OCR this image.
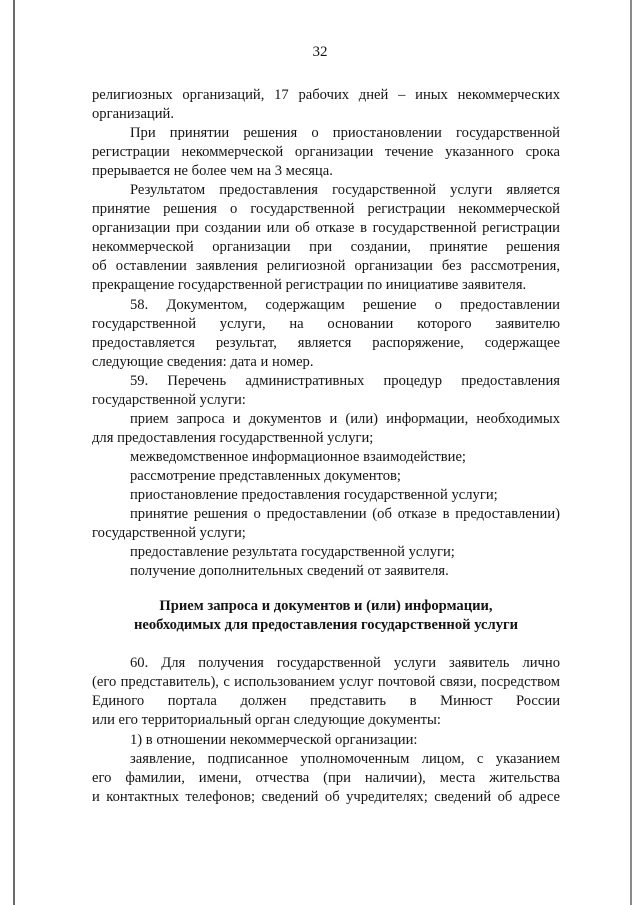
32
религиозных организаций, 17 рабочих дней – иных некоммерческих
организаций.
При принятии решения о приостановлении государственной
регистрации некоммерческой организации течение указанного срока
прерывается не более чем на 3 месяца.
Результатом предоставления государственной услуги является
принятие решения о государственной регистрации некоммерческой
организации при создании или об отказе в государственной регистрации
некоммерческой организации при создании, принятие решения
об оставлении заявления религиозной организации без рассмотрения,
прекращение государственной регистрации по инициативе заявителя.
58. Документом, содержащим решение о предоставлении
государственной услуги, на основании которого заявителю
предоставляется результат, является распоряжение, содержащее
следующие сведения: дата и номер.
59. Перечень административных процедур предоставления
государственной услуги:
прием запроса и документов и (или) информации, необходимых
для предоставления государственной услуги;
межведомственное информационное взаимодействие;
рассмотрение представленных документов;
приостановление предоставления государственной услуги;
принятие решения о предоставлении (об отказе в предоставлении)
государственной услуги;
предоставление результата государственной услуги;
получение дополнительных сведений от заявителя.
Прием запроса и документов и (или) информации,
необходимых для предоставления государственной услуги
60. Для получения государственной услуги заявитель лично
(его представитель), с использованием услуг почтовой связи, посредством
Единого портала должен представить в Минюст России
или его территориальный орган следующие документы:
1) в отношении некоммерческой организации:
заявление, подписанное уполномоченным лицом, с указанием
его фамилии, имени, отчества (при наличии), места жительства
и контактных телефонов; сведений об учредителях; сведений об адресе
